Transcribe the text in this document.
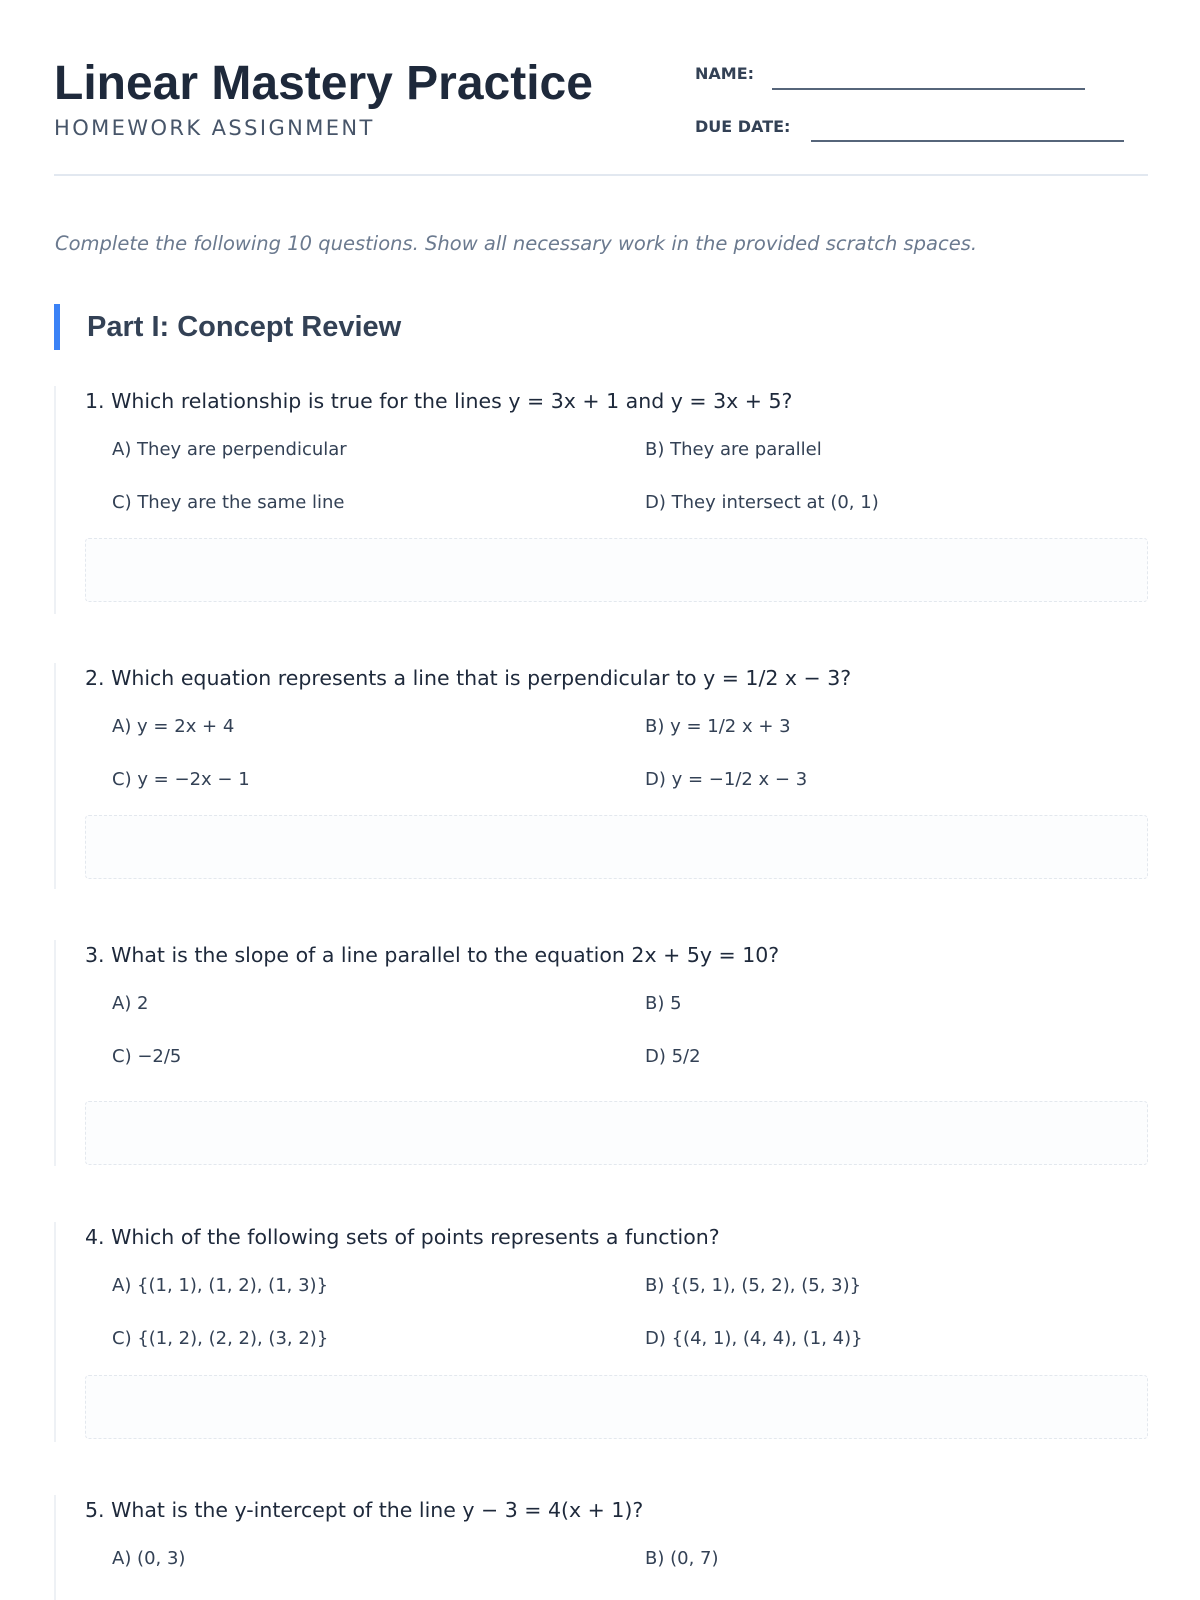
Linear Mastery Practice
HOMEWORK ASSIGNMENT
NAME:
DUE DATE:
Complete the following 10 questions. Show all necessary work in the provided scratch spaces.
Part I: Concept Review
1. Which relationship is true for the lines y = 3x + 1 and y = 3x + 5?
A) They are perpendicular	B) They are parallel
C) They are the same line	D) They intersect at (0, 1)
2. Which equation represents a line that is perpendicular to y = 1/2 x − 3?
A) y = 2x + 4	B) y = 1/2 x + 3
C) y = −2x − 1	D) y = −1/2 x − 3
3. What is the slope of a line parallel to the equation 2x + 5y = 10?
A) 2	B) 5
C) −2/5	D) 5/2
4. Which of the following sets of points represents a function?
A) {(1, 1), (1, 2), (1, 3)}	B) {(5, 1), (5, 2), (5, 3)}
C) {(1, 2), (2, 2), (3, 2)}	D) {(4, 1), (4, 4), (1, 4)}
5. What is the y-intercept of the line y − 3 = 4(x + 1)?
A) (0, 3)	B) (0, 7)
